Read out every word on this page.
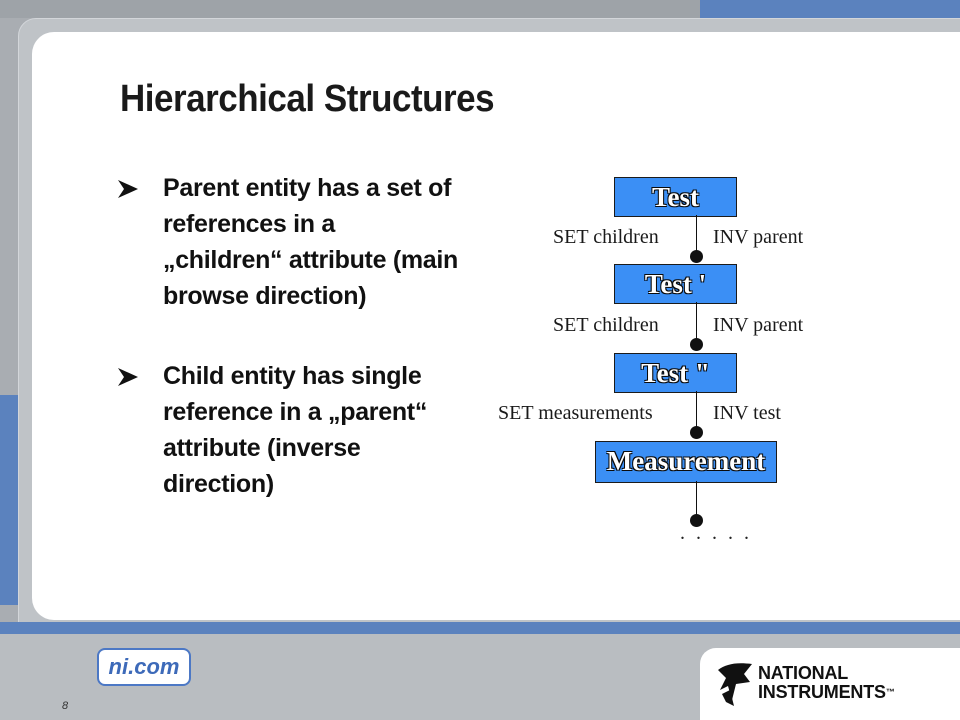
Hierarchical Structures
Parent entity has a set of references in a „children“ attribute (main browse direction)
Child entity has single reference in a „parent“ attribute (inverse direction)
Test
Test '
Test "
Measurement
SET children	INV parent
SET children	INV parent
SET measurements	INV test
. . . . .
ni.com
8
NATIONAL
INSTRUMENTS™
